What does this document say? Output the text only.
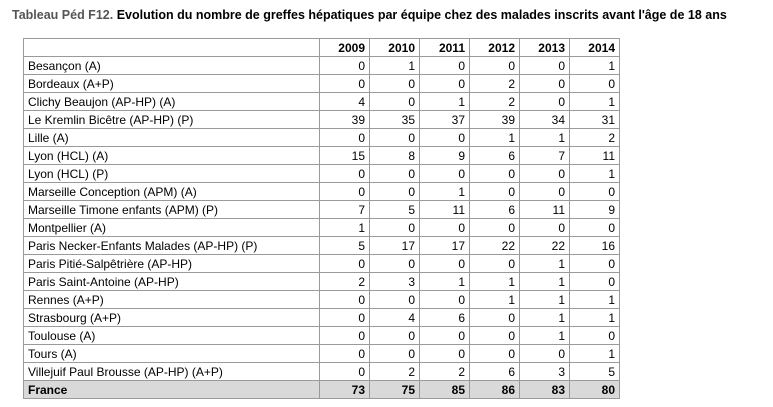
Tableau Péd F12. Evolution du nombre de greffes hépatiques par équipe chez des malades inscrits avant l'âge de 18 ans
	2009	2010	2011	2012	2013	2014
Besançon (A)	0	1	0	0	0	1
Bordeaux (A+P)	0	0	0	2	0	0
Clichy Beaujon (AP-HP) (A)	4	0	1	2	0	1
Le Kremlin Bicêtre (AP-HP) (P)	39	35	37	39	34	31
Lille (A)	0	0	0	1	1	2
Lyon (HCL) (A)	15	8	9	6	7	11
Lyon (HCL) (P)	0	0	0	0	0	1
Marseille Conception (APM) (A)	0	0	1	0	0	0
Marseille Timone enfants (APM) (P)	7	5	11	6	11	9
Montpellier (A)	1	0	0	0	0	0
Paris Necker-Enfants Malades (AP-HP) (P)	5	17	17	22	22	16
Paris Pitié-Salpêtrière (AP-HP)	0	0	0	0	1	0
Paris Saint-Antoine (AP-HP)	2	3	1	1	1	0
Rennes (A+P)	0	0	0	1	1	1
Strasbourg (A+P)	0	4	6	0	1	1
Toulouse (A)	0	0	0	0	1	0
Tours (A)	0	0	0	0	0	1
Villejuif Paul Brousse (AP-HP) (A+P)	0	2	2	6	3	5
France	73	75	85	86	83	80
